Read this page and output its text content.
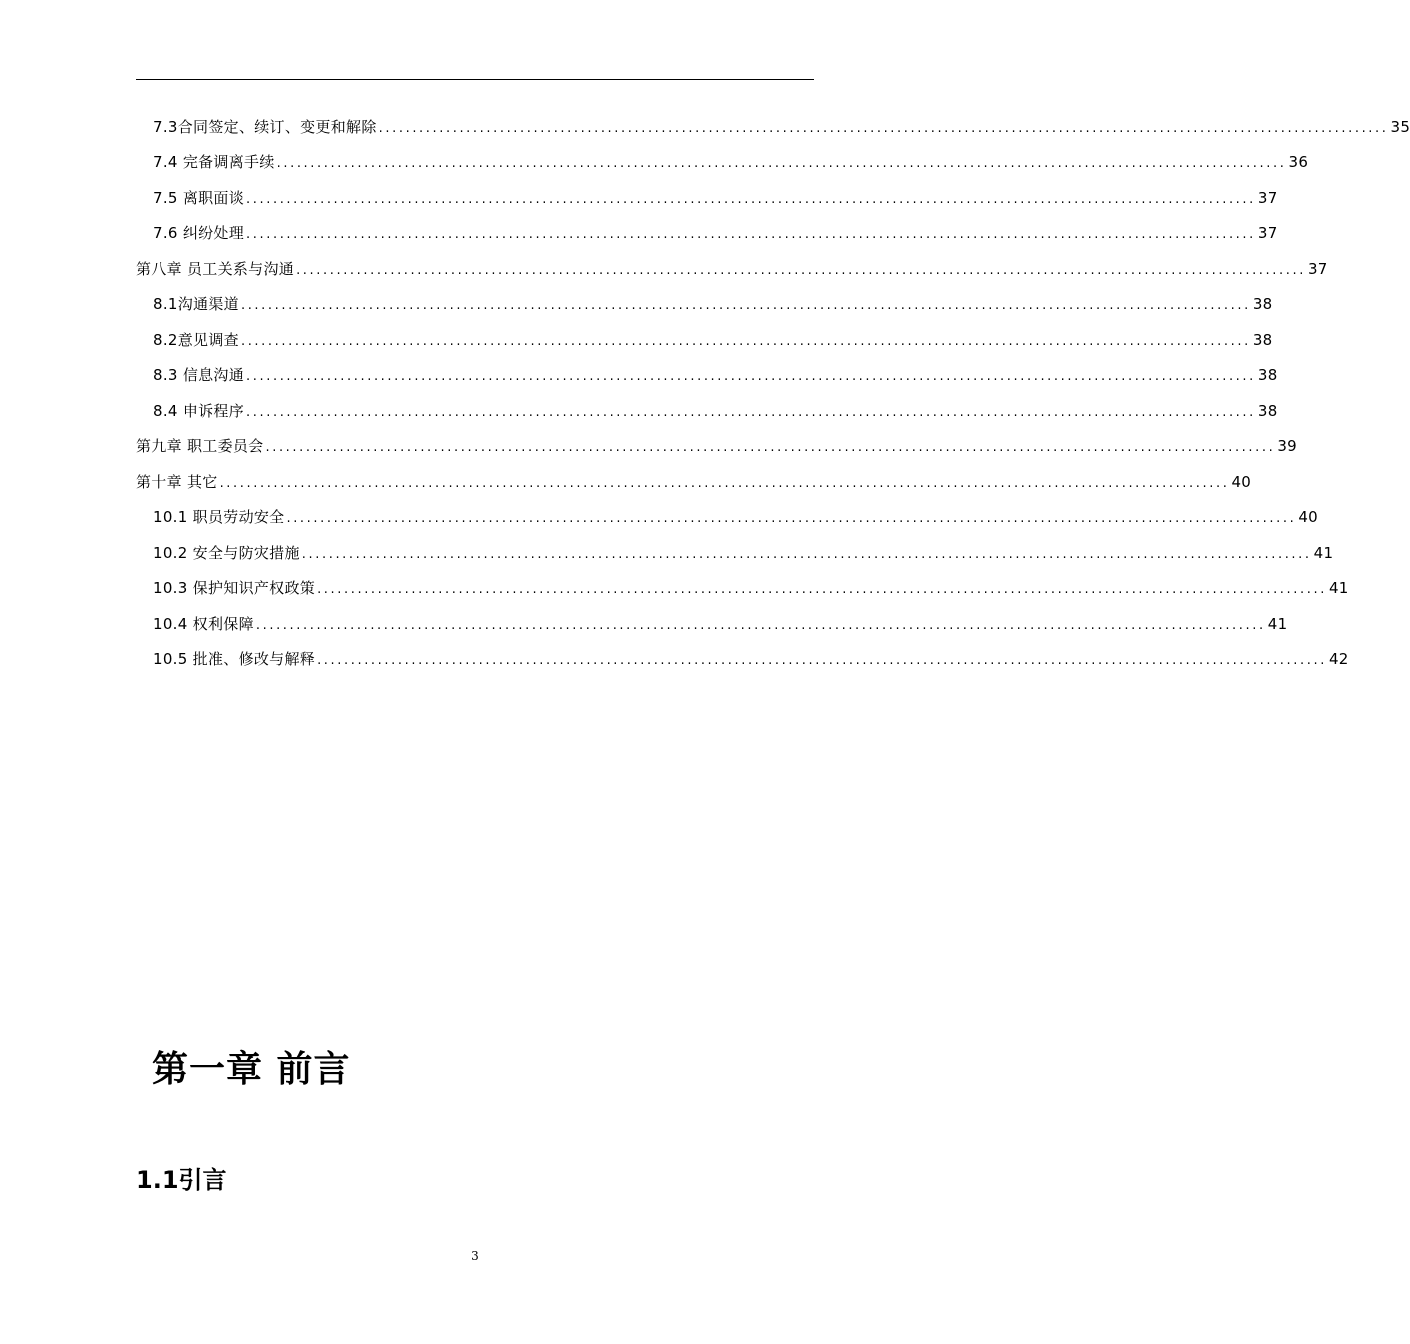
7.3合同签定、续订、变更和解除 ...................................................................................................................................................... 35
7.4 完备调离手续 ...................................................................................................................................................... 36
7.5 离职面谈 ...................................................................................................................................................... 37
7.6 纠纷处理 ...................................................................................................................................................... 37
第八章 员工关系与沟通 ...................................................................................................................................................... 37
8.1沟通渠道 ...................................................................................................................................................... 38
8.2意见调查 ...................................................................................................................................................... 38
8.3 信息沟通 ...................................................................................................................................................... 38
8.4 申诉程序 ...................................................................................................................................................... 38
第九章 职工委员会 ...................................................................................................................................................... 39
第十章 其它 ...................................................................................................................................................... 40
10.1 职员劳动安全 ...................................................................................................................................................... 40
10.2 安全与防灾措施 ...................................................................................................................................................... 41
10.3 保护知识产权政策 ...................................................................................................................................................... 41
10.4 权利保障 ...................................................................................................................................................... 41
10.5 批准、修改与解释 ...................................................................................................................................................... 42
第一章 前言
1.1引言
3
